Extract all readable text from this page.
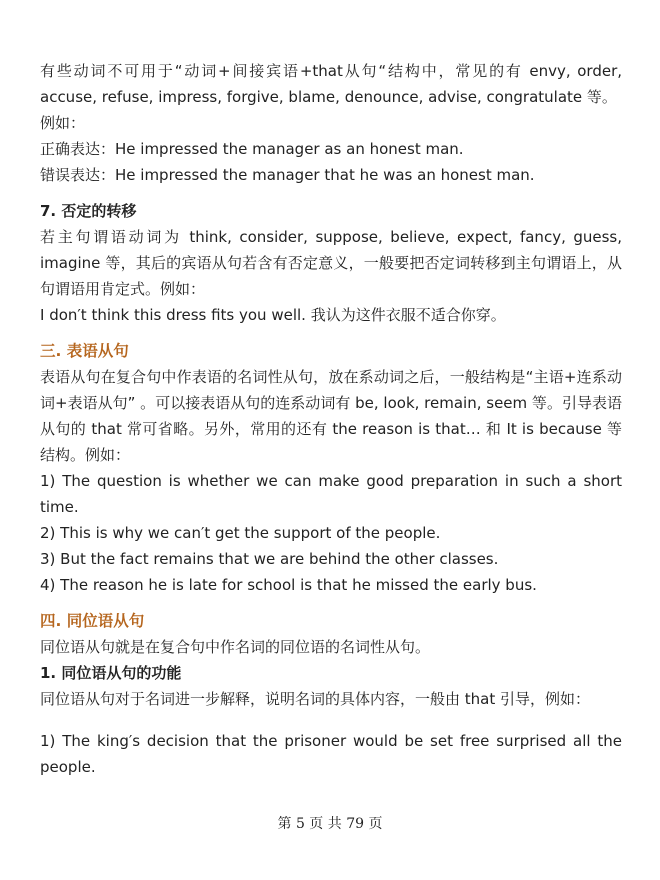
有些动词不可用于“动词+间接宾语+that从句“结构中，常见的有 envy, order, accuse, refuse, impress, forgive, blame, denounce, advise, congratulate 等。

例如：

正确表达：He impressed the manager as an honest man.

错误表达：He impressed the manager that he was an honest man.

7. 否定的转移

若主句谓语动词为 think, consider, suppose, believe, expect, fancy, guess, imagine 等，其后的宾语从句若含有否定意义，一般要把否定词转移到主句谓语上，从句谓语用肯定式。例如：

I don′t think this dress fits you well. 我认为这件衣服不适合你穿。

三. 表语从句

表语从句在复合句中作表语的名词性从句，放在系动词之后，一般结构是“主语+连系动词+表语从句” 。可以接表语从句的连系动词有 be, look, remain, seem 等。引导表语从句的 that 常可省略。另外，常用的还有 the reason is that… 和 It is because 等结构。例如：

1) The question is whether we can make good preparation in such a short time.

2) This is why we can′t get the support of the people.

3) But the fact remains that we are behind the other classes.

4) The reason he is late for school is that he missed the early bus.

四. 同位语从句

同位语从句就是在复合句中作名词的同位语的名词性从句。

1. 同位语从句的功能

同位语从句对于名词进一步解释，说明名词的具体内容，一般由 that 引导，例如：

1) The king′s decision that the prisoner would be set free surprised all the people.

第 5 页 共 79 页
